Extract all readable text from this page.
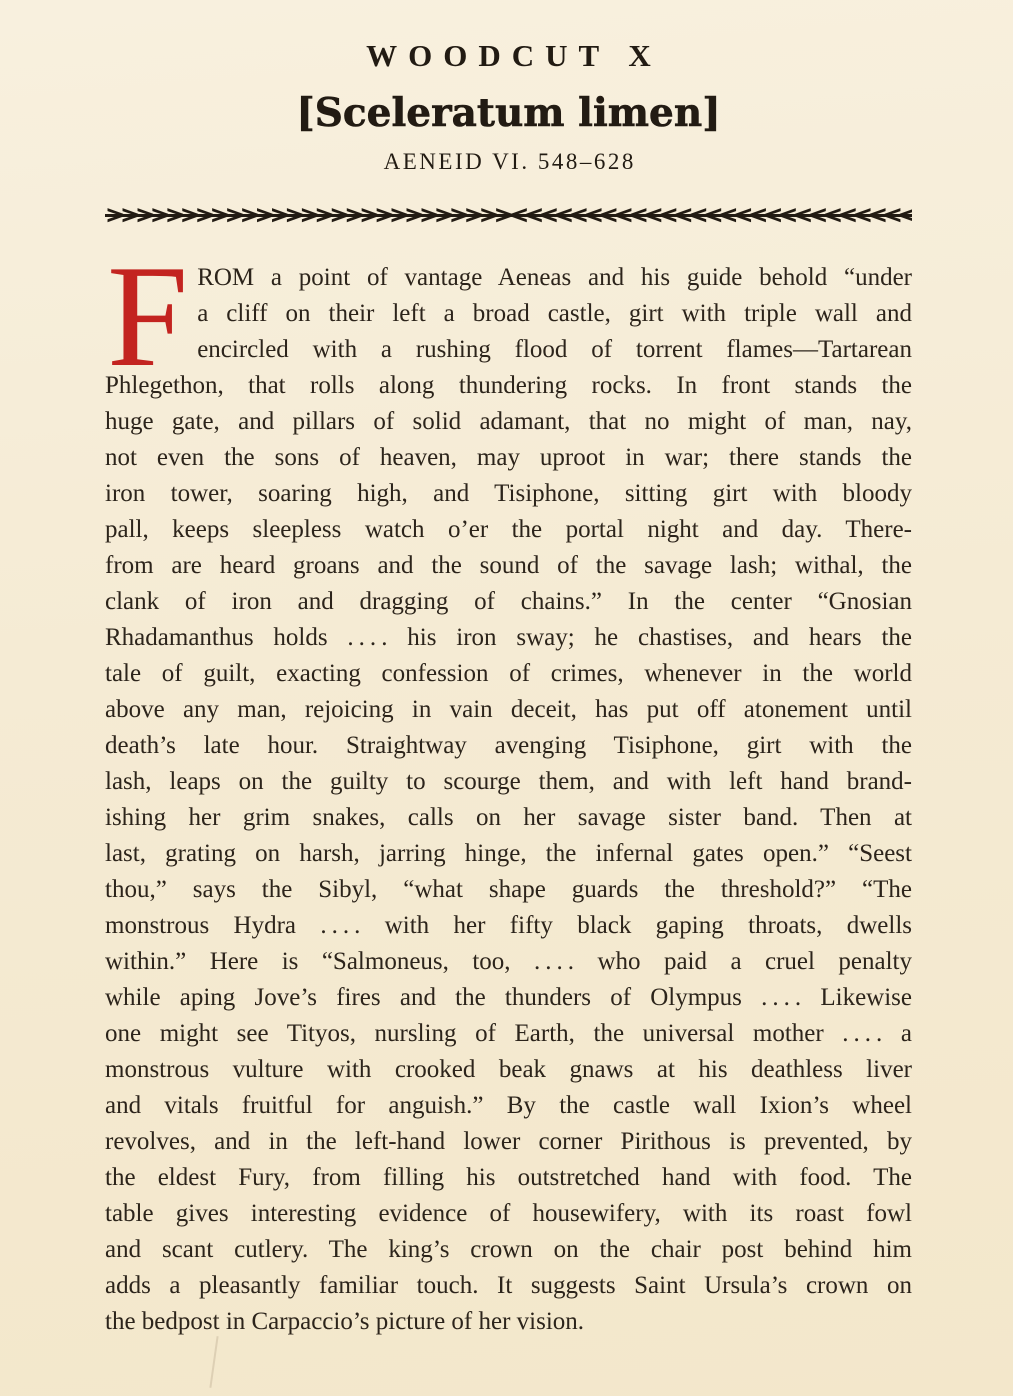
WOODCUT X
[Sceleratum limen]
AENEID VI. 548–628
>>>>>>>>>>>>>>>>>>>>>>>>>>><<<<<<<<<<<<<<<<<<<<<<<<<<<
F ROM a point of vantage Aeneas and his guide behold “under
a cliff on their left a broad castle, girt with triple wall and
encircled with a rushing flood of torrent flames—Tartarean
Phlegethon, that rolls along thundering rocks. In front stands the
huge gate, and pillars of solid adamant, that no might of man, nay,
not even the sons of heaven, may uproot in war; there stands the
iron tower, soaring high, and Tisiphone, sitting girt with bloody
pall, keeps sleepless watch o’er the portal night and day. There-
from are heard groans and the sound of the savage lash; withal, the
clank of iron and dragging of chains.” In the center “Gnosian
Rhadamanthus holds . . . . his iron sway; he chastises, and hears the
tale of guilt, exacting confession of crimes, whenever in the world
above any man, rejoicing in vain deceit, has put off atonement until
death’s late hour. Straightway avenging Tisiphone, girt with the
lash, leaps on the guilty to scourge them, and with left hand brand-
ishing her grim snakes, calls on her savage sister band. Then at
last, grating on harsh, jarring hinge, the infernal gates open.” “Seest
thou,” says the Sibyl, “what shape guards the threshold?” “The
monstrous Hydra . . . . with her fifty black gaping throats, dwells
within.” Here is “Salmoneus, too, . . . . who paid a cruel penalty
while aping Jove’s fires and the thunders of Olympus . . . . Likewise
one might see Tityos, nursling of Earth, the universal mother . . . . a
monstrous vulture with crooked beak gnaws at his deathless liver
and vitals fruitful for anguish.” By the castle wall Ixion’s wheel
revolves, and in the left-hand lower corner Pirithous is prevented, by
the eldest Fury, from filling his outstretched hand with food. The
table gives interesting evidence of housewifery, with its roast fowl
and scant cutlery. The king’s crown on the chair post behind him
adds a pleasantly familiar touch. It suggests Saint Ursula’s crown on
the bedpost in Carpaccio’s picture of her vision.
